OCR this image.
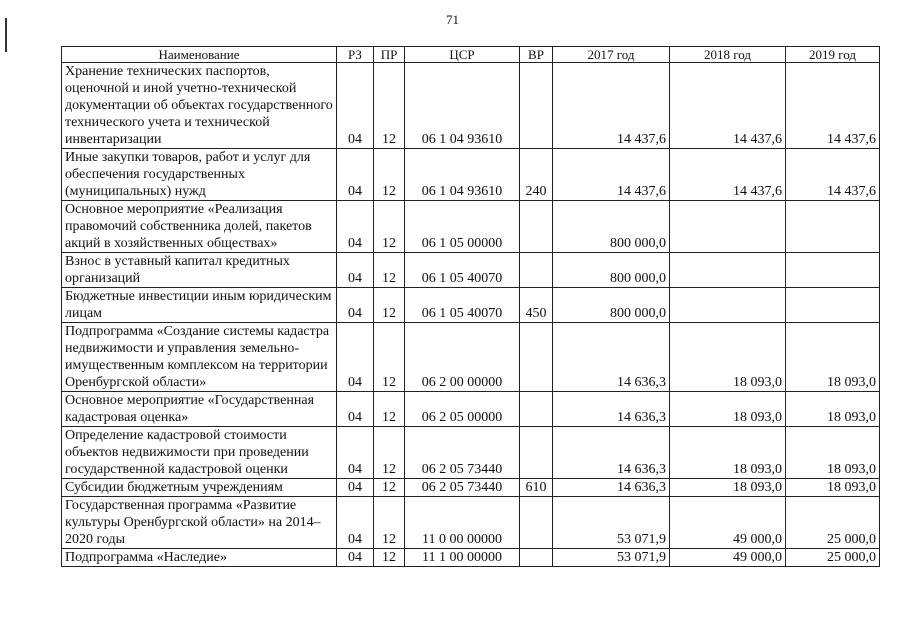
71
Наименование	РЗ	ПР	ЦСР	ВР	2017 год	2018 год	2019 год
Хранение технических паспортов, оценочной и иной учетно-технической документации об объектах государственного технического учета и технической инвентаризации	04	12	06 1 04 93610		14 437,6	14 437,6	14 437,6
Иные закупки товаров, работ и услуг для обеспечения государственных (муниципальных) нужд	04	12	06 1 04 93610	240	14 437,6	14 437,6	14 437,6
Основное мероприятие «Реализация правомочий собственника долей, пакетов акций в хозяйственных обществах»	04	12	06 1 05 00000		800 000,0		
Взнос в уставный капитал кредитных организаций	04	12	06 1 05 40070		800 000,0		
Бюджетные инвестиции иным юридическим лицам	04	12	06 1 05 40070	450	800 000,0		
Подпрограмма «Создание системы кадастра недвижимости и управления земельно-имущественным комплексом на территории Оренбургской области»	04	12	06 2 00 00000		14 636,3	18 093,0	18 093,0
Основное мероприятие «Государственная кадастровая оценка»	04	12	06 2 05 00000		14 636,3	18 093,0	18 093,0
Определение кадастровой стоимости объектов недвижимости при проведении государственной кадастровой оценки	04	12	06 2 05 73440		14 636,3	18 093,0	18 093,0
Субсидии бюджетным учреждениям	04	12	06 2 05 73440	610	14 636,3	18 093,0	18 093,0
Государственная программа «Развитие культуры Оренбургской области» на 2014–2020 годы	04	12	11 0 00 00000		53 071,9	49 000,0	25 000,0
Подпрограмма «Наследие»	04	12	11 1 00 00000		53 071,9	49 000,0	25 000,0
